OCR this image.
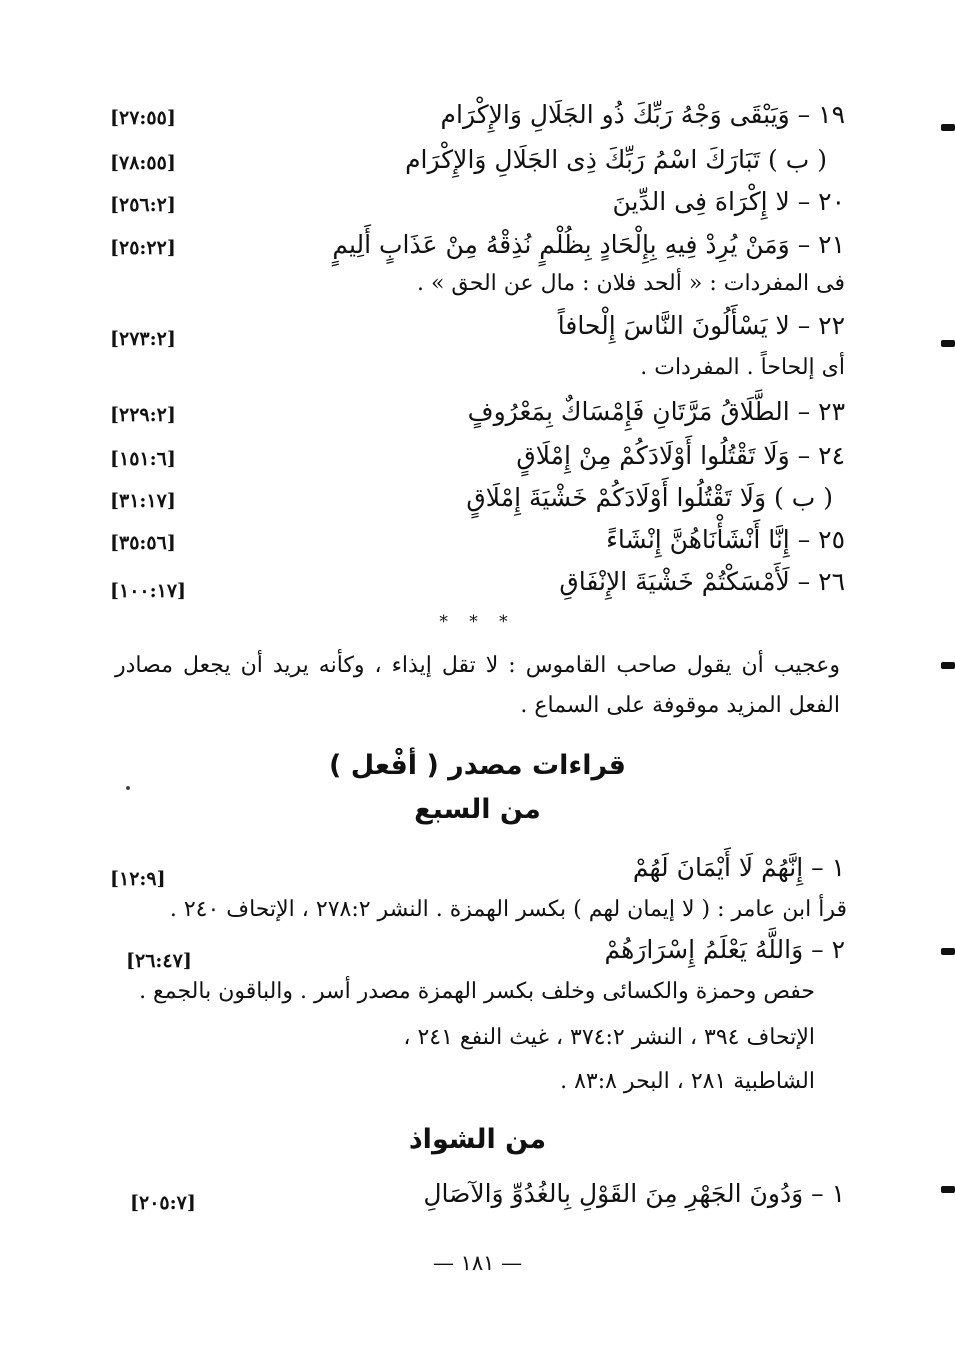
١٩ – وَيَبْقَى وَجْهُ رَبِّكَ ذُو الجَلَالِ وَالإِكْرَام
[٢٧:٥٥]
( ب ) تَبَارَكَ اسْمُ رَبِّكَ ذِى الجَلَالِ وَالإِكْرَام
[٧٨:٥٥]
٢٠ – لا إِكْرَاهَ فِى الدِّينَ
[٢٥٦:٢]
٢١ – وَمَنْ يُرِدْ فِيهِ بِإِلْحَادٍ بِظُلْمٍ نُذِقْهُ مِنْ عَذَابٍ أَلِيمٍ
[٢٥:٢٢]
فى المفردات : « ألحد فلان : مال عن الحق » .
٢٢ – لا يَسْأَلُونَ النَّاسَ إِلْحافاً
[٢٧٣:٢]
أى إلحاحاً . المفردات .
٢٣ – الطَّلَاقُ مَرَّتَانِ فَإِمْسَاكٌ بِمَعْرُوفٍ
[٢٢٩:٢]
٢٤ – وَلَا تَقْتُلُوا أَوْلَادَكُمْ مِنْ إِمْلَاقٍ
[١٥١:٦]
( ب ) وَلَا تَقْتُلُوا أَوْلَادَكُمْ خَشْيَةَ إِمْلَاقٍ
[٣١:١٧]
٢٥ – إِنَّا أَنْشَأْنَاهُنَّ إِنْشَاءً
[٣٥:٥٦]
٢٦ – لَأَمْسَكْتُمْ خَشْيَةَ الإِنْفَاقِ
[١٠٠:١٧]
* * *
وعجيب أن يقول صاحب القاموس : لا تقل إيذاء ، وكأنه يريد أن يجعل مصادر الفعل المزيد موقوفة على السماع .
قراءات مصدر ( أفْعل )
من السبع
١ – إِنَّهُمْ لَا أَيْمَانَ لَهُمْ
[١٢:٩]
قرأ ابن عامر : ( لا إيمان لهم ) بكسر الهمزة . النشر ٢٧٨:٢ ، الإتحاف ٢٤٠ .
٢ – وَاللَّهُ يَعْلَمُ إِسْرَارَهُمْ
[٢٦:٤٧]
حفص وحمزة والكسائى وخلف بكسر الهمزة مصدر أسر . والباقون بالجمع .
الإتحاف ٣٩٤ ، النشر ٣٧٤:٢ ، غيث النفع ٢٤١ ،
الشاطبية ٢٨١ ، البحر ٨٣:٨ .
من الشواذ
١ – وَدُونَ الجَهْرِ مِنَ القَوْلِ بِالغُدُوِّ وَالآصَالِ
[٢٠٥:٧]
— ١٨١ —
